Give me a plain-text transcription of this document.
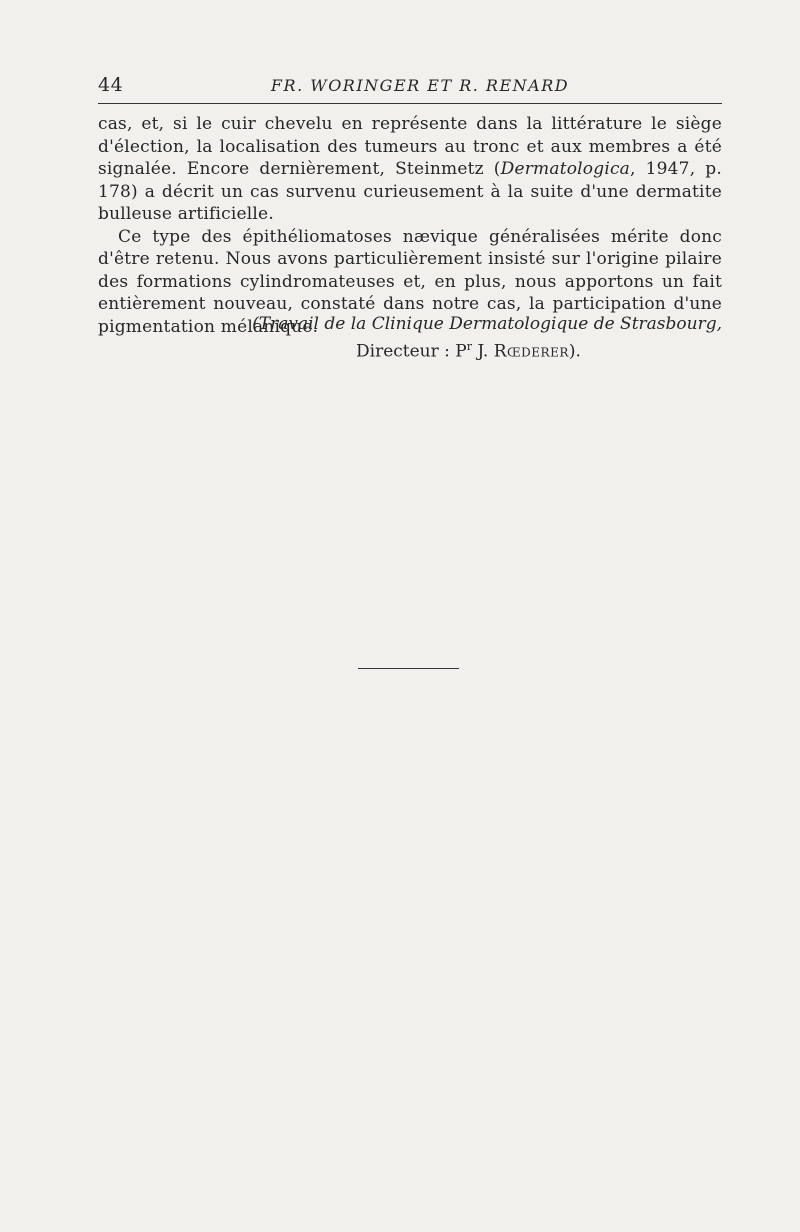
44	FR. WORINGER ET R. RENARD

cas, et, si le cuir chevelu en représente dans la littérature le siège d'élection, la localisation des tumeurs au tronc et aux membres a été signalée. Encore dernièrement, Steinmetz (Dermatologica, 1947, p. 178) a décrit un cas survenu curieusement à la suite d'une dermatite bulleuse artificielle.

Ce type des épithéliomatoses nævique généralisées mérite donc d'être retenu. Nous avons particulièrement insisté sur l'origine pilaire des formations cylindromateuses et, en plus, nous apportons un fait entièrement nouveau, constaté dans notre cas, la participation d'une pigmentation mélanique.

(Travail de la Clinique Dermatologique de Strasbourg,
Directeur : $P^r$ J. Rœderer).
